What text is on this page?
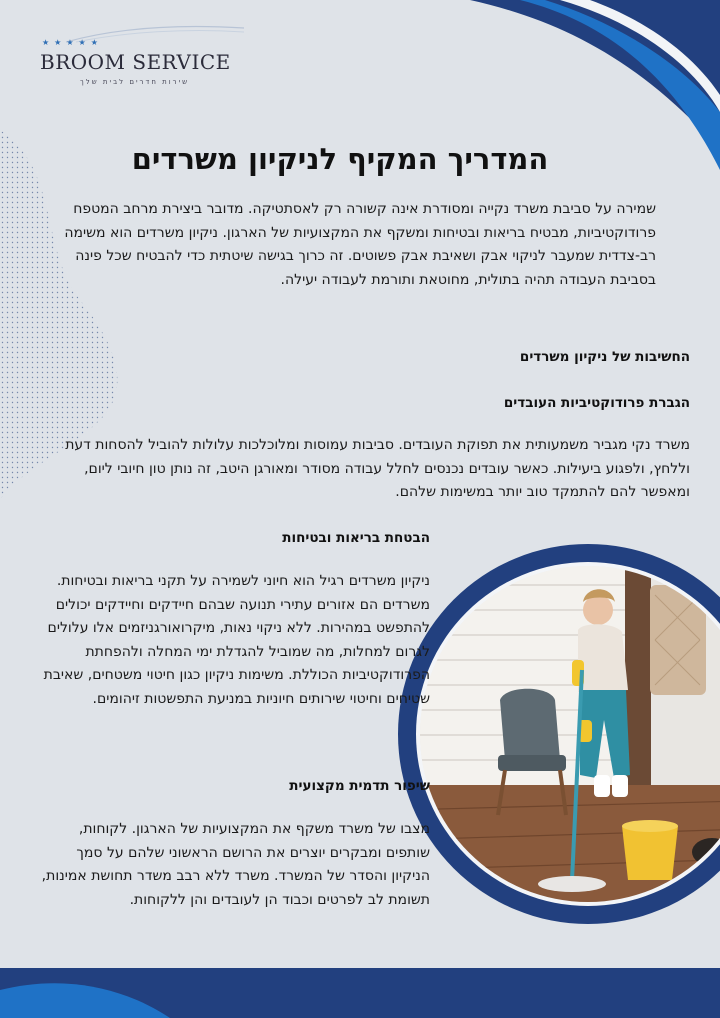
★★★★★
BROOM SERVICE
שירות חדרים לבית שלך
המדריך המקיף לניקיון משרדים

שמירה על סביבת משרד נקייה ומסודרת אינה קשורה רק לאסתטיקה. מדובר ביצירת מרחב המטפח פרודוקטיביות, מבטיח בריאות ובטיחות ומשקף את המקצועיות של הארגון. ניקיון משרדים הוא משימה רב-צדדית שמעבר לניקוי אבק ושאיבת אבק פשוטים. זה כרוך בגישה שיטתית כדי להבטיח שכל פינה בסביבת העבודה תהיה בתולית, מחוטאת ותורמת לעבודה יעילה.

החשיבות של ניקיון משרדים
הגברת פרודוקטיביות העובדים

משרד נקי מגביר משמעותית את תפוקת העובדים. סביבות עמוסות ומלוכלכות עלולות להוביל להסחות דעת וללחץ, ולפגוע ביעילות. כאשר עובדים נכנסים לחלל עבודה מסודר ומאורגן היטב, זה נותן טון חיובי ליום, ומאפשר להם להתמקד טוב יותר במשימות שלהם.

הבטחת בריאות ובטיחות

ניקיון משרדים רגיל הוא חיוני לשמירה על תקני בריאות ובטיחות. משרדים הם אזורים עתירי תנועה שבהם חיידקים וחיידקים יכולים להתפשט במהירות. ללא ניקוי נאות, מיקרואורגניזמים אלו עלולים לגרום למחלות, מה שמוביל להגדלת ימי המחלה ולהפחתת הפרודוקטיביות הכוללת. משימות ניקיון כגון חיטוי משטחים, שאיבת שטיחים וחיטוי שירותים חיוניות במניעת התפשטות זיהומים.

שיפור תדמית מקצועית

מצבו של משרד משקף את המקצועיות של הארגון. לקוחות, שותפים ומבקרים יוצרים את הרושם הראשוני שלהם על סמך הניקיון והסדר של המשרד. משרד ללא רבב משדר תחושת אמינות, תשומת לב לפרטים וכבוד הן לעובדים והן ללקוחות.
